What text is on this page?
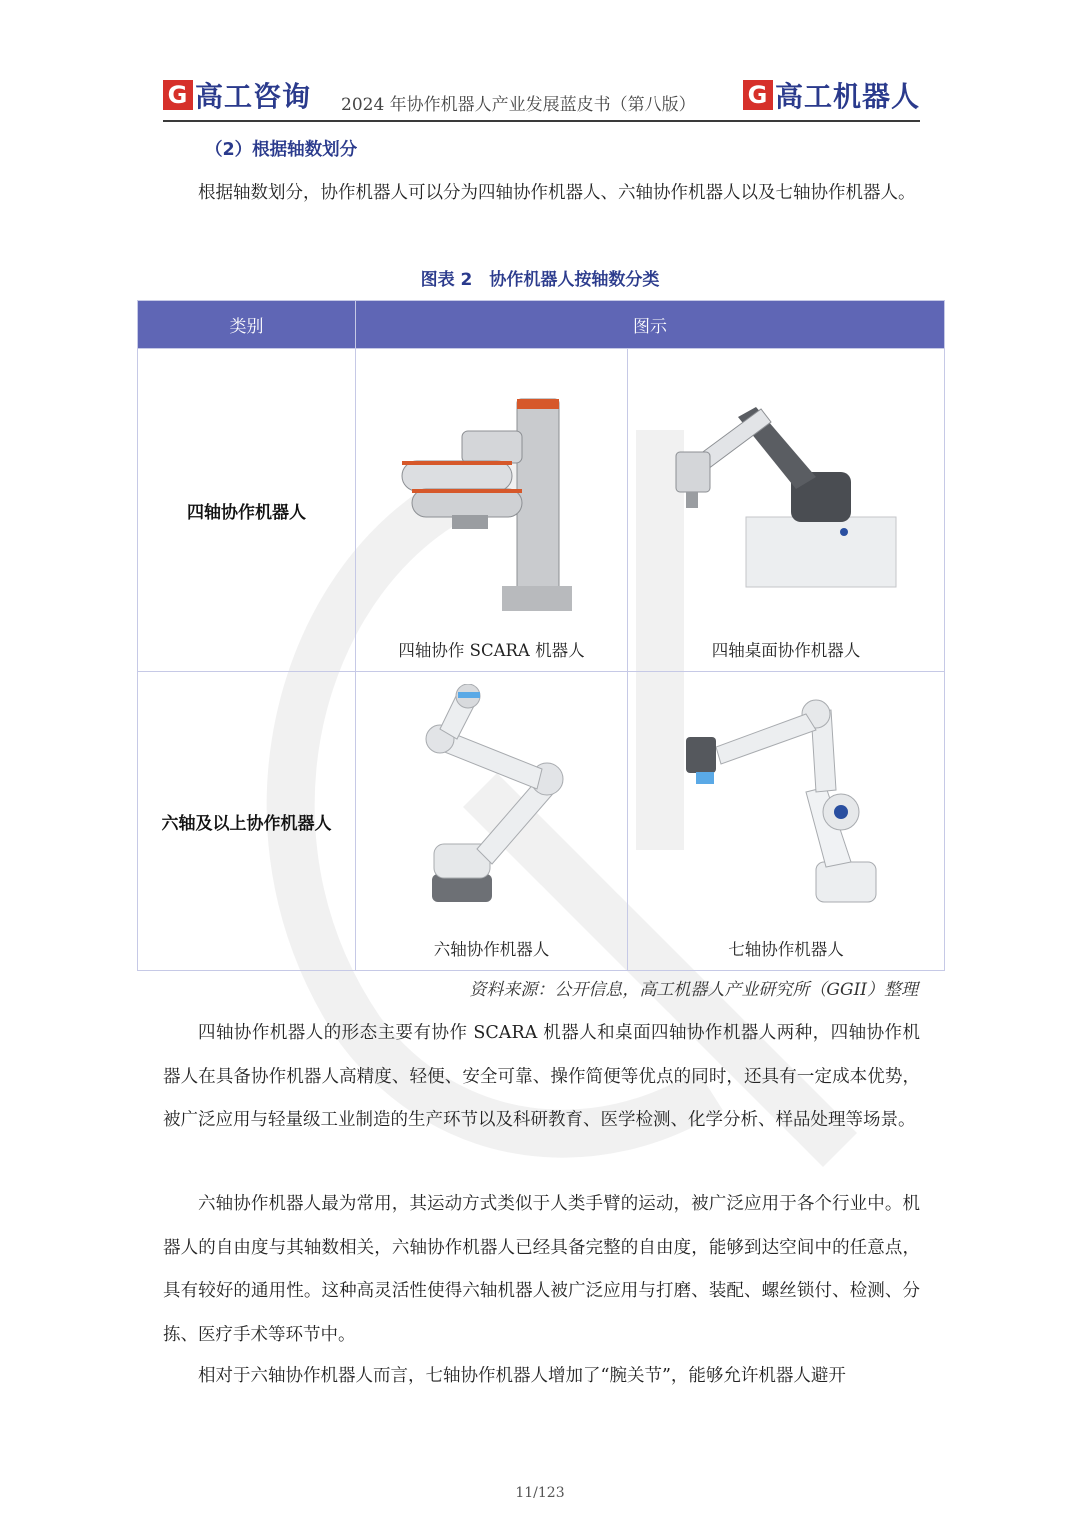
G 高工咨询 2024 年协作机器人产业发展蓝皮书（第八版） G 高工机器人
（2）根据轴数划分
根据轴数划分，协作机器人可以分为四轴协作机器人、六轴协作机器人以及七轴协作机器人。
图表 2　协作机器人按轴数分类
类别	图示	
四轴协作机器人	四轴协作 SCARA 机器人	四轴桌面协作机器人

六轴及以上协作机器人	六轴协作机器人	七轴协作机器人
资料来源：公开信息，高工机器人产业研究所（GGII）整理
四轴协作机器人的形态主要有协作 SCARA 机器人和桌面四轴协作机器人两种，四轴协作机器人在具备协作机器人高精度、轻便、安全可靠、操作简便等优点的同时，还具有一定成本优势，被广泛应用与轻量级工业制造的生产环节以及科研教育、医学检测、化学分析、样品处理等场景。
六轴协作机器人最为常用，其运动方式类似于人类手臂的运动，被广泛应用于各个行业中。机器人的自由度与其轴数相关，六轴协作机器人已经具备完整的自由度，能够到达空间中的任意点，具有较好的通用性。这种高灵活性使得六轴机器人被广泛应用与打磨、装配、螺丝锁付、检测、分拣、医疗手术等环节中。
相对于六轴协作机器人而言，七轴协作机器人增加了“腕关节”，能够允许机器人避开
11/123
